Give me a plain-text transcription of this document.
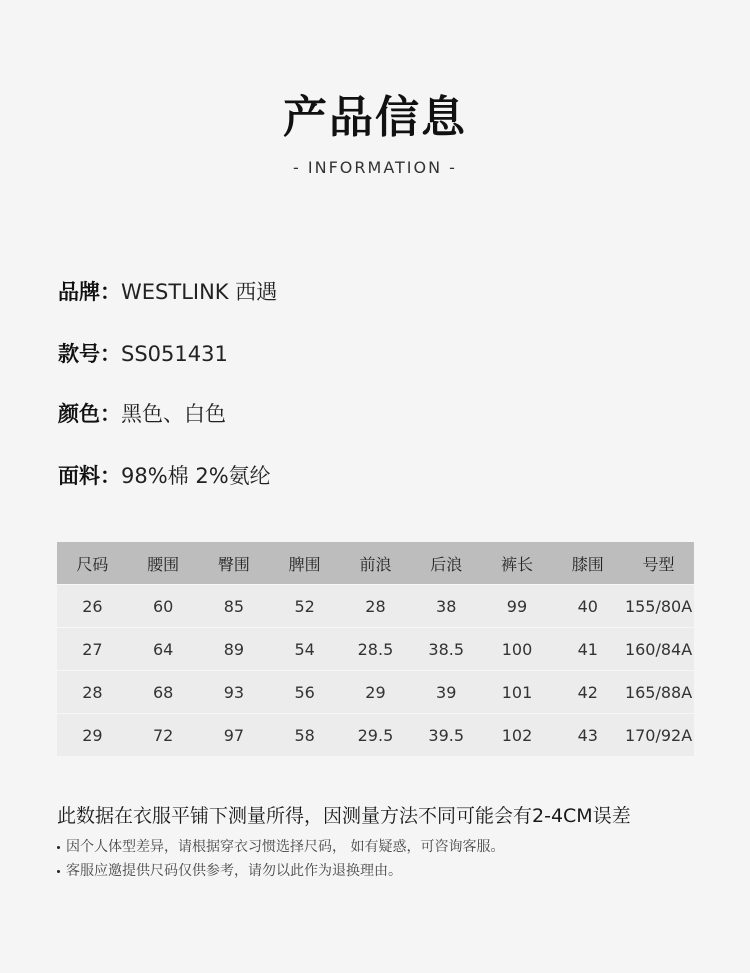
产品信息
- INFORMATION -
品牌：WESTLINK 西遇
款号：SS051431
颜色：黑色、白色
面料：98%棉 2%氨纶
尺码	腰围	臀围	脾围	前浪	后浪	裤长	膝围	号型
26	60	85	52	28	38	99	40	155/80A
27	64	89	54	28.5	38.5	100	41	160/84A
28	68	93	56	29	39	101	42	165/88A
29	72	97	58	29.5	39.5	102	43	170/92A
此数据在衣服平铺下测量所得，因测量方法不同可能会有2-4CM误差
因个人体型差异，请根据穿衣习惯选择尺码， 如有疑惑，可咨询客服。
客服应邀提供尺码仅供参考，请勿以此作为退换理由。
